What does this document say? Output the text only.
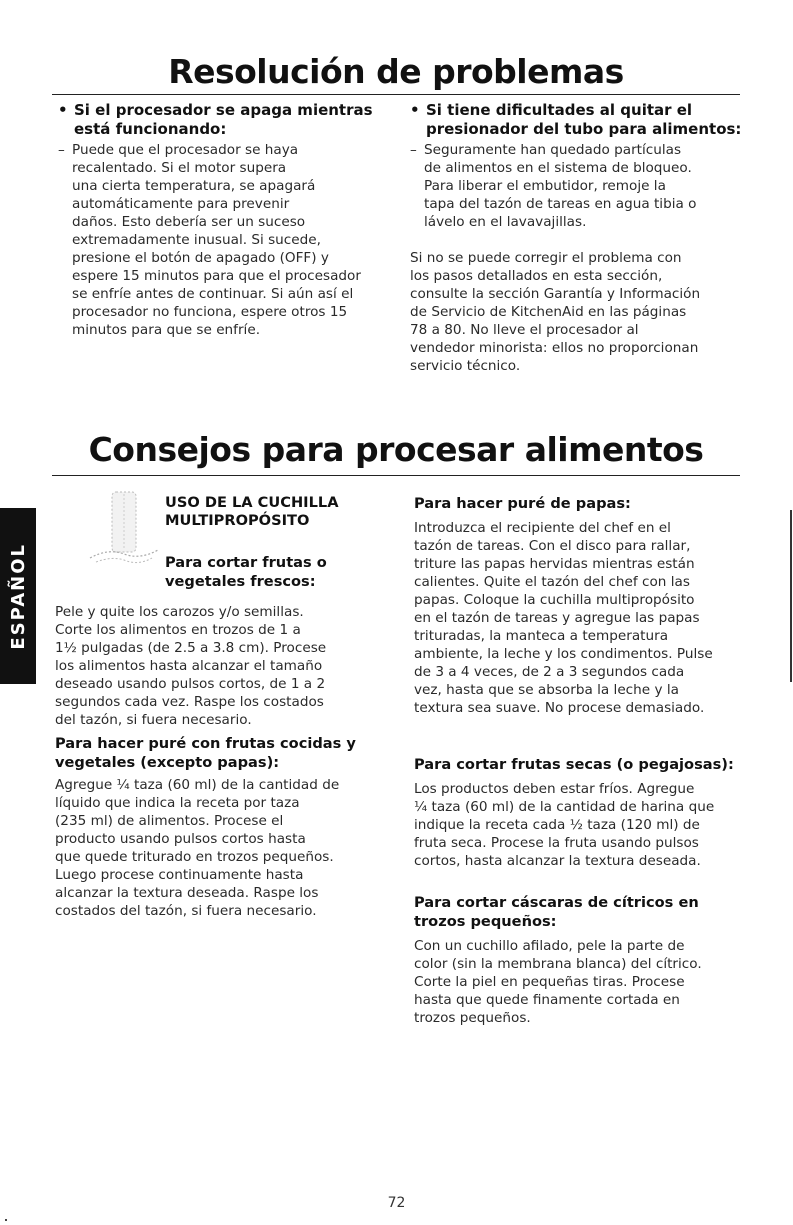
Resolución de problemas
• Si el procesador se apaga mientras
está funcionando:
– Puede que el procesador se haya
recalentado. Si el motor supera
una cierta temperatura, se apagará
automáticamente para prevenir
daños. Esto debería ser un suceso
extremadamente inusual. Si sucede,
presione el botón de apagado (OFF) y
espere 15 minutos para que el procesador
se enfríe antes de continuar. Si aún así el
procesador no funciona, espere otros 15
minutos para que se enfríe.
• Si tiene dificultades al quitar el
presionador del tubo para alimentos:
– Seguramente han quedado partículas
de alimentos en el sistema de bloqueo.
Para liberar el embutidor, remoje la
tapa del tazón de tareas en agua tibia o
lávelo en el lavavajillas.
Si no se puede corregir el problema con
los pasos detallados en esta sección,
consulte la sección Garantía y Información
de Servicio de KitchenAid en las páginas
78 a 80. No lleve el procesador al
vendedor minorista: ellos no proporcionan
servicio técnico.
Consejos para procesar alimentos
ESPAÑOL
USO DE LA CUCHILLA
MULTIPROPÓSITO
Para cortar frutas o
vegetales frescos:
Pele y quite los carozos y/o semillas.
Corte los alimentos en trozos de 1 a
1½ pulgadas (de 2.5 a 3.8 cm). Procese
los alimentos hasta alcanzar el tamaño
deseado usando pulsos cortos, de 1 a 2
segundos cada vez. Raspe los costados
del tazón, si fuera necesario.
Para hacer puré con frutas cocidas y
vegetales (excepto papas):
Agregue ¼ taza (60 ml) de la cantidad de
líquido que indica la receta por taza
(235 ml) de alimentos. Procese el
producto usando pulsos cortos hasta
que quede triturado en trozos pequeños.
Luego procese continuamente hasta
alcanzar la textura deseada. Raspe los
costados del tazón, si fuera necesario.
Para hacer puré de papas:
Introduzca el recipiente del chef en el
tazón de tareas. Con el disco para rallar,
triture las papas hervidas mientras están
calientes. Quite el tazón del chef con las
papas. Coloque la cuchilla multipropósito
en el tazón de tareas y agregue las papas
trituradas, la manteca a temperatura
ambiente, la leche y los condimentos. Pulse
de 3 a 4 veces, de 2 a 3 segundos cada
vez, hasta que se absorba la leche y la
textura sea suave. No procese demasiado.
Para cortar frutas secas (o pegajosas):
Los productos deben estar fríos. Agregue
¼ taza (60 ml) de la cantidad de harina que
indique la receta cada ½ taza (120 ml) de
fruta seca. Procese la fruta usando pulsos
cortos, hasta alcanzar la textura deseada.
Para cortar cáscaras de cítricos en
trozos pequeños:
Con un cuchillo afilado, pele la parte de
color (sin la membrana blanca) del cítrico.
Corte la piel en pequeñas tiras. Procese
hasta que quede finamente cortada en
trozos pequeños.
72
